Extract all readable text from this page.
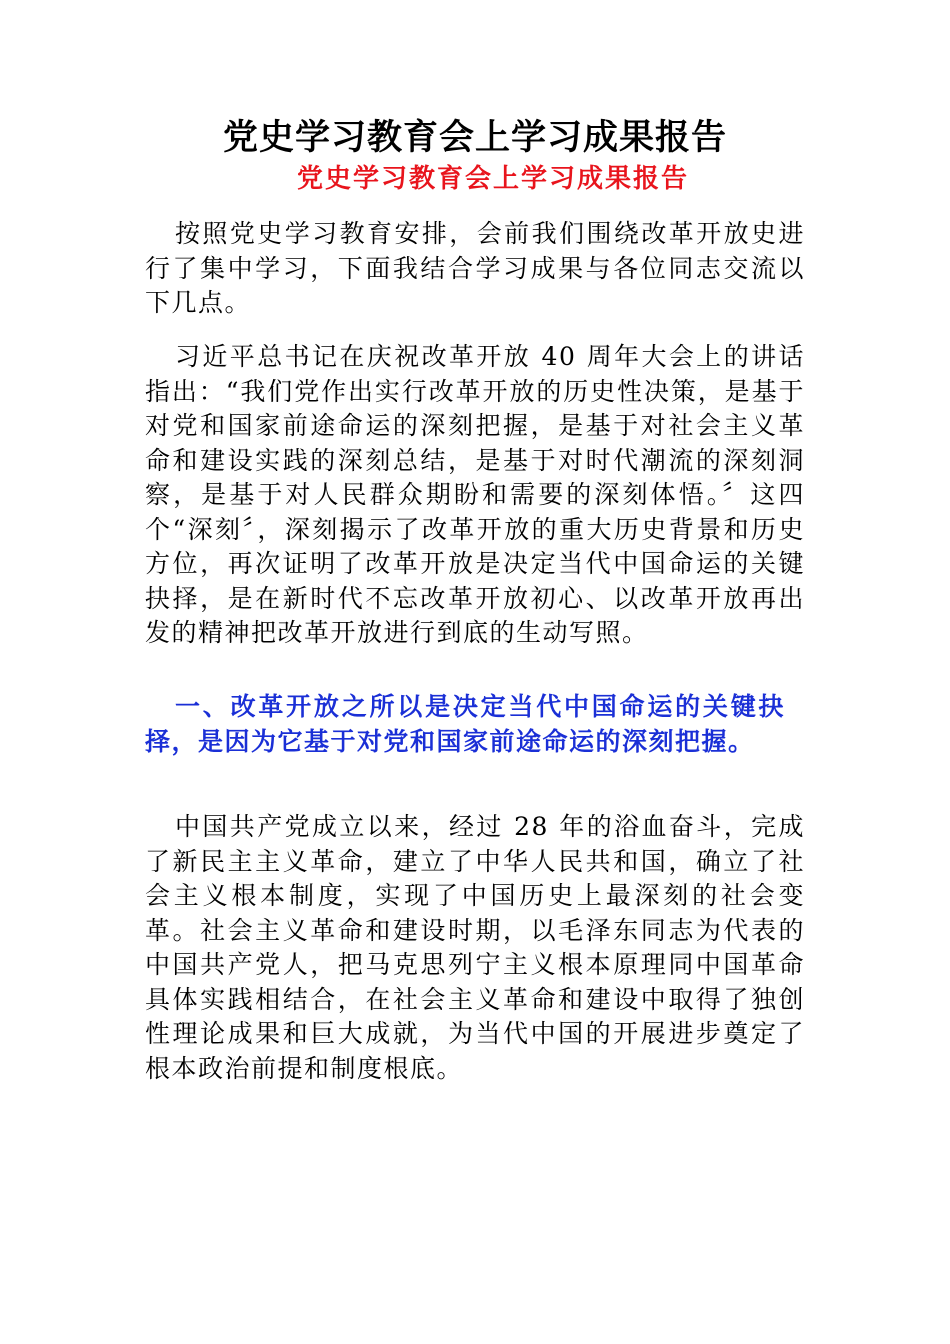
党史学习教育会上学习成果报告
党史学习教育会上学习成果报告

按照党史学习教育安排，会前我们围绕改革开放史进行了集中学习，下面我结合学习成果与各位同志交流以下几点。

习近平总书记在庆祝改革开放 40 周年大会上的讲话指出：“我们党作出实行改革开放的历史性决策，是基于对党和国家前途命运的深刻把握，是基于对社会主义革命和建设实践的深刻总结，是基于对时代潮流的深刻洞察，是基于对人民群众期盼和需要的深刻体悟。〞这四个“深刻〞，深刻揭示了改革开放的重大历史背景和历史方位，再次证明了改革开放是决定当代中国命运的关键抉择，是在新时代不忘改革开放初心、以改革开放再出发的精神把改革开放进行到底的生动写照。

一、改革开放之所以是决定当代中国命运的关键抉择，是因为它基于对党和国家前途命运的深刻把握。

中国共产党成立以来，经过 28 年的浴血奋斗，完成了新民主主义革命，建立了中华人民共和国，确立了社会主义根本制度，实现了中国历史上最深刻的社会变革。社会主义革命和建设时期，以毛泽东同志为代表的中国共产党人，把马克思列宁主义根本原理同中国革命具体实践相结合，在社会主义革命和建设中取得了独创性理论成果和巨大成就，为当代中国的开展进步奠定了根本政治前提和制度根底。
